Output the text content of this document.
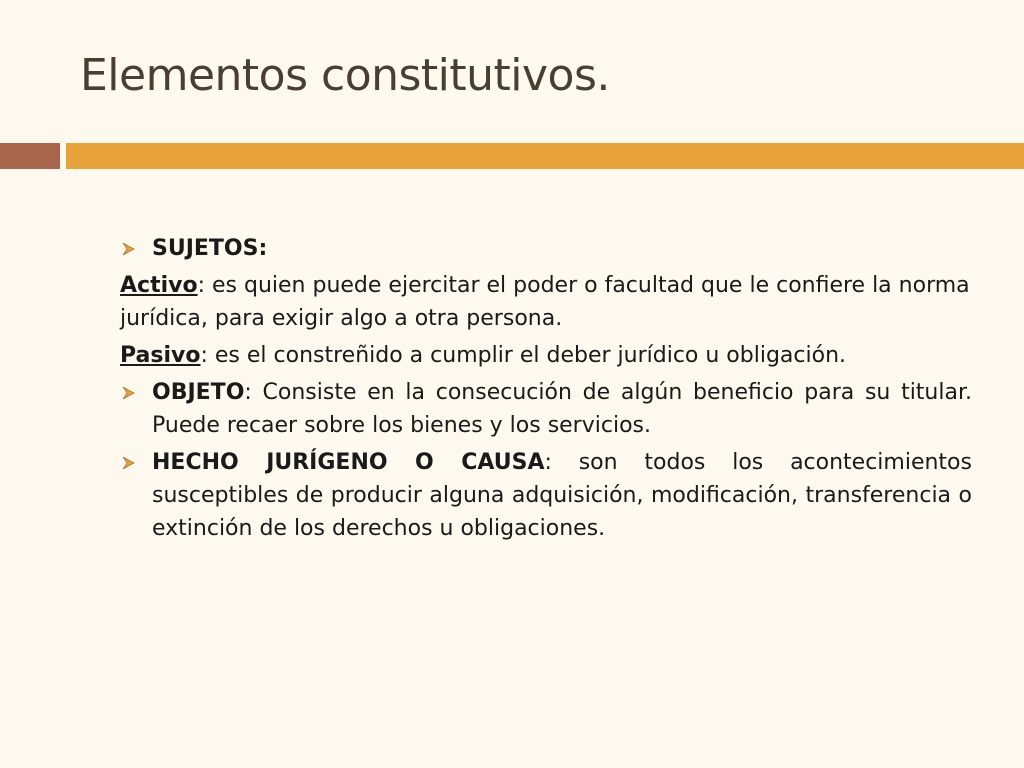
Elementos constitutivos.
SUJETOS:
Activo: es quien puede ejercitar el poder o facultad que le confiere la norma jurídica, para exigir algo a otra persona.
Pasivo: es el constreñido a cumplir el deber jurídico u obligación.
OBJETO: Consiste en la consecución de algún beneficio para su titular. Puede recaer sobre los bienes y los servicios.
HECHO JURÍGENO O CAUSA: son todos los acontecimientos susceptibles de producir alguna adquisición, modificación, transferencia o extinción de los derechos u obligaciones.
